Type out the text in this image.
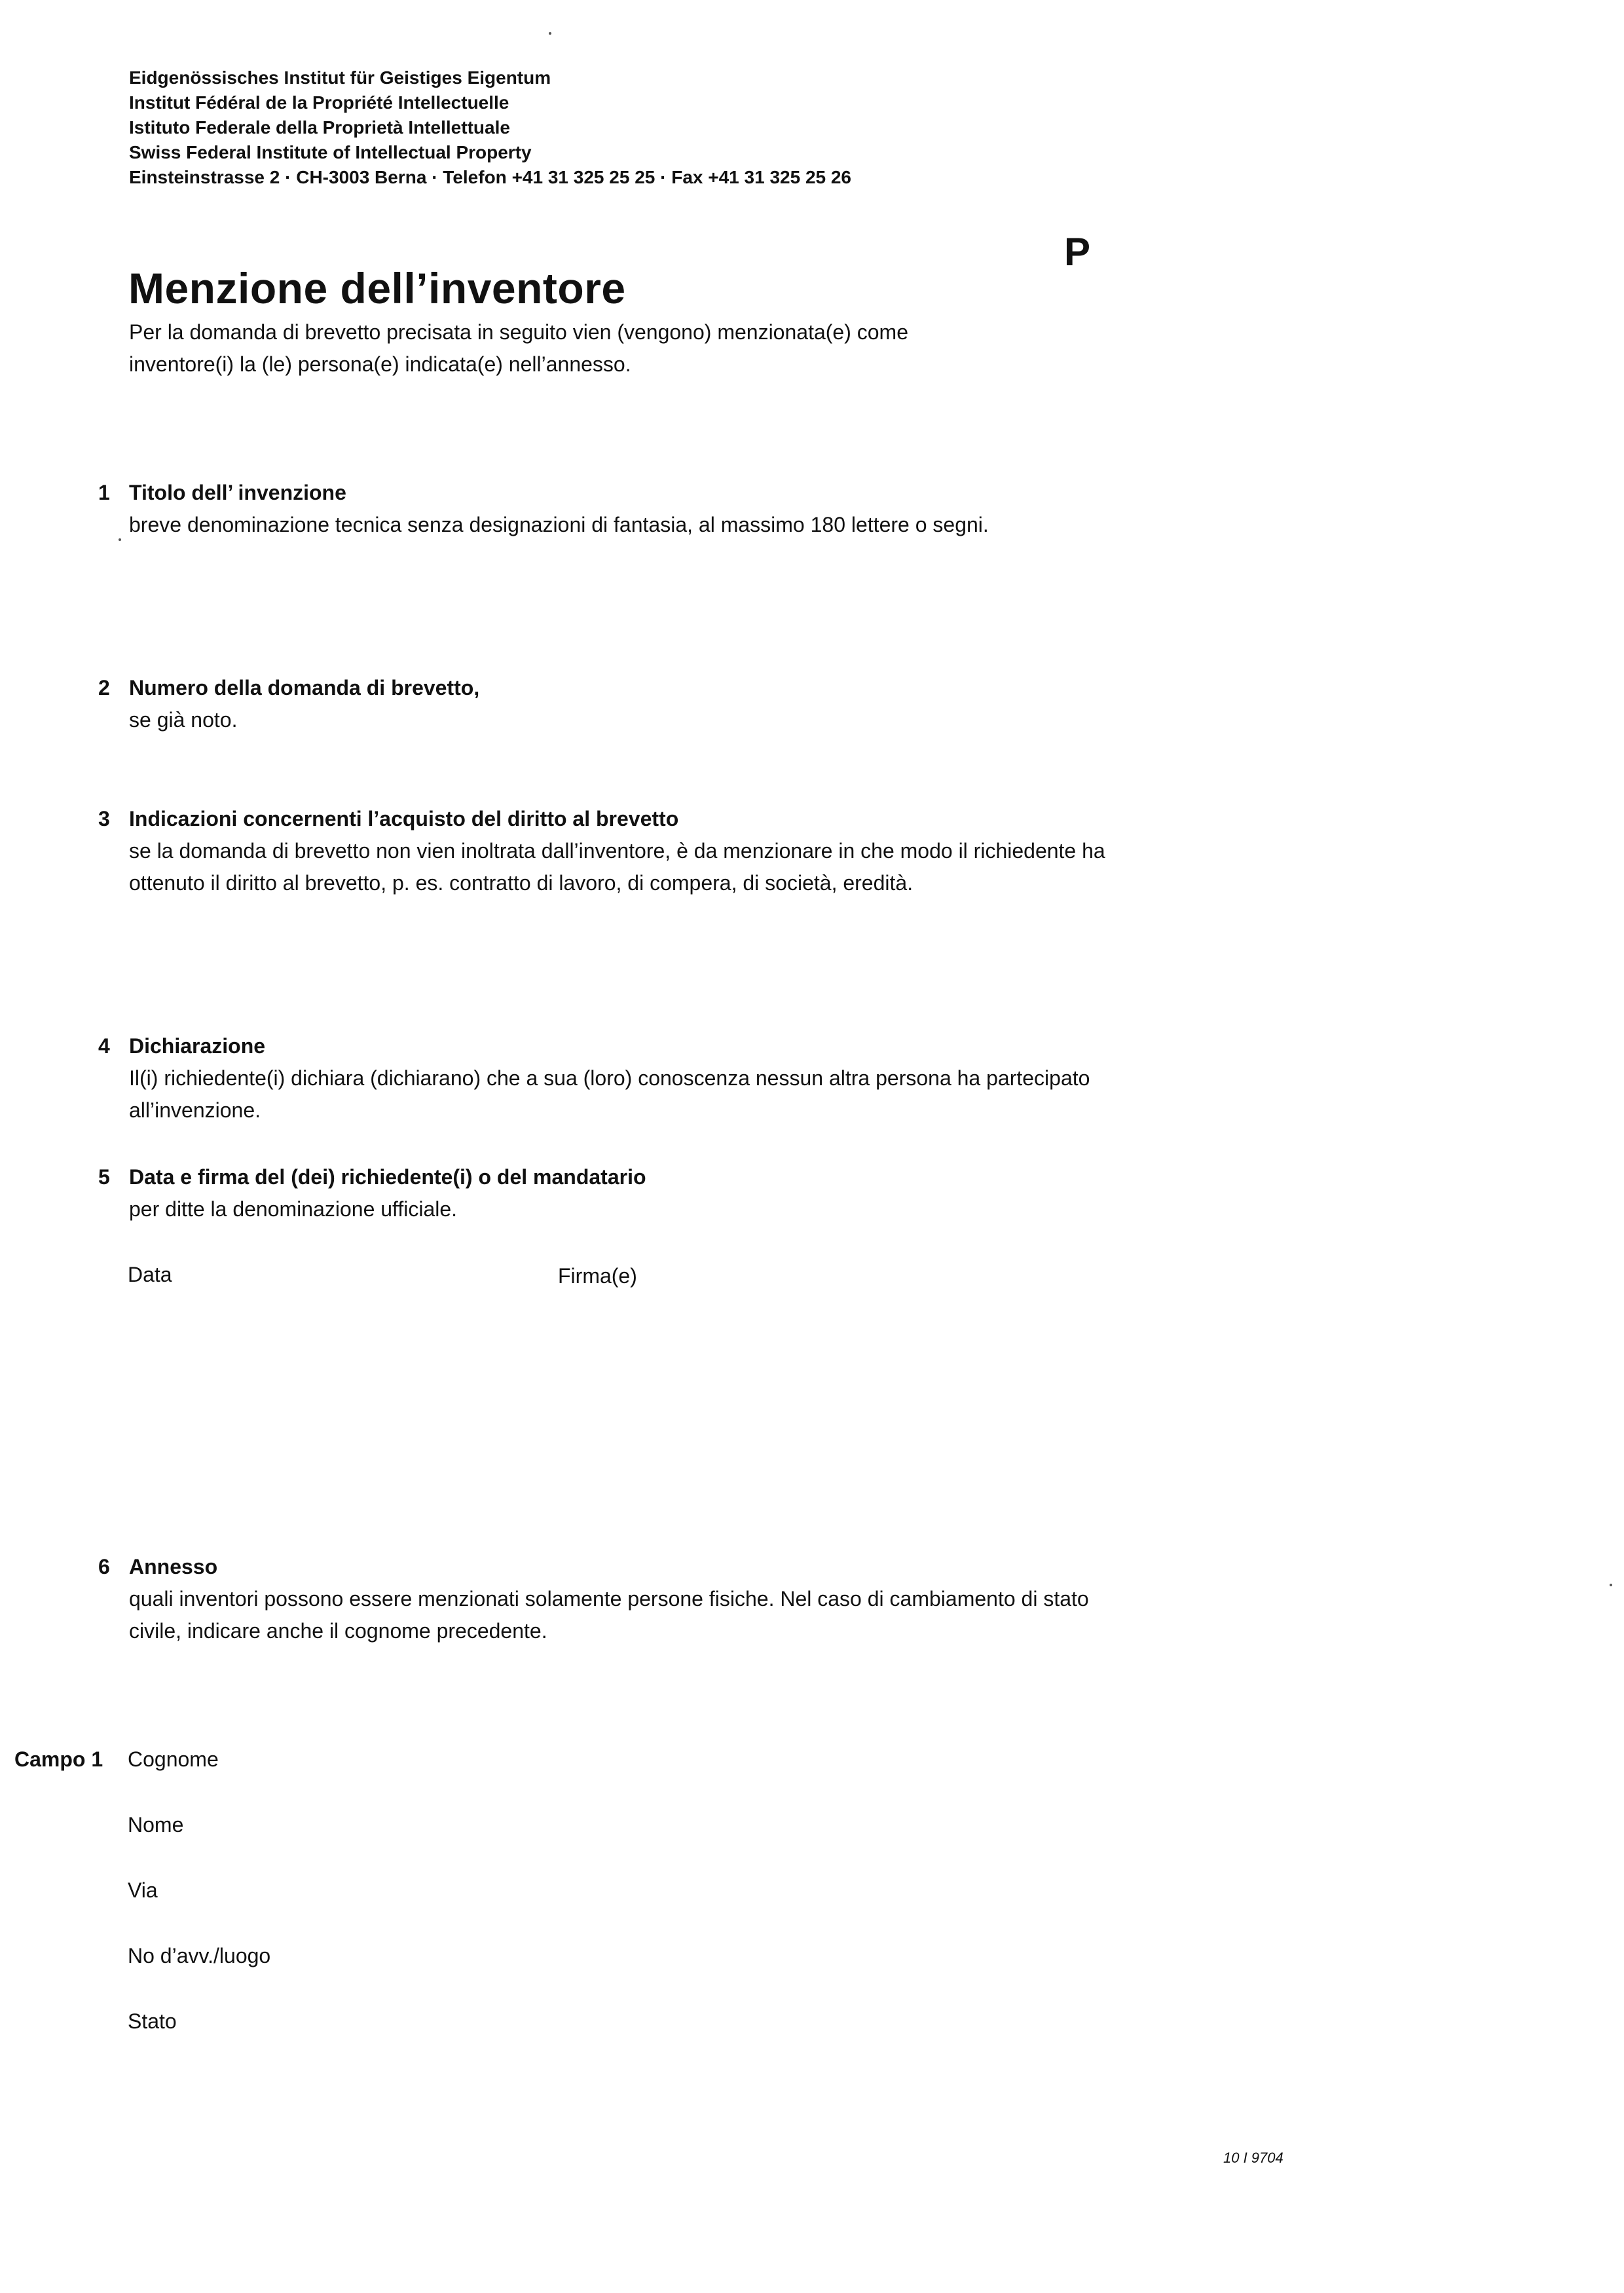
Eidgenössisches Institut für Geistiges Eigentum
Institut Fédéral de la Propriété Intellectuelle
Istituto Federale della Proprietà Intellettuale
Swiss Federal Institute of Intellectual Property
Einsteinstrasse 2 · CH-3003 Berna · Telefon +41 31 325 25 25 · Fax +41 31 325 25 26
P
Menzione dell’inventore
Per la domanda di brevetto precisata in seguito vien (vengono) menzionata(e) come
inventore(i) la (le) persona(e) indicata(e) nell’annesso.
1 Titolo dell’ invenzione
breve denominazione tecnica senza designazioni di fantasia, al massimo 180 lettere o segni.
2 Numero della domanda di brevetto,
se già noto.
3 Indicazioni concernenti l’acquisto del diritto al brevetto
se la domanda di brevetto non vien inoltrata dall’inventore, è da menzionare in che modo il richiedente ha
ottenuto il diritto al brevetto, p. es. contratto di lavoro, di compera, di società, eredità.
4 Dichiarazione
Il(i) richiedente(i) dichiara (dichiarano) che a sua (loro) conoscenza nessun altra persona ha partecipato
all’invenzione.
5 Data e firma del (dei) richiedente(i) o del mandatario
per ditte la denominazione ufficiale.
Data	Firma(e)
6 Annesso
quali inventori possono essere menzionati solamente persone fisiche. Nel caso di cambiamento di stato
civile, indicare anche il cognome precedente.
Campo 1 Cognome
Nome
Via
No d’avv./luogo
Stato
10 I 9704
